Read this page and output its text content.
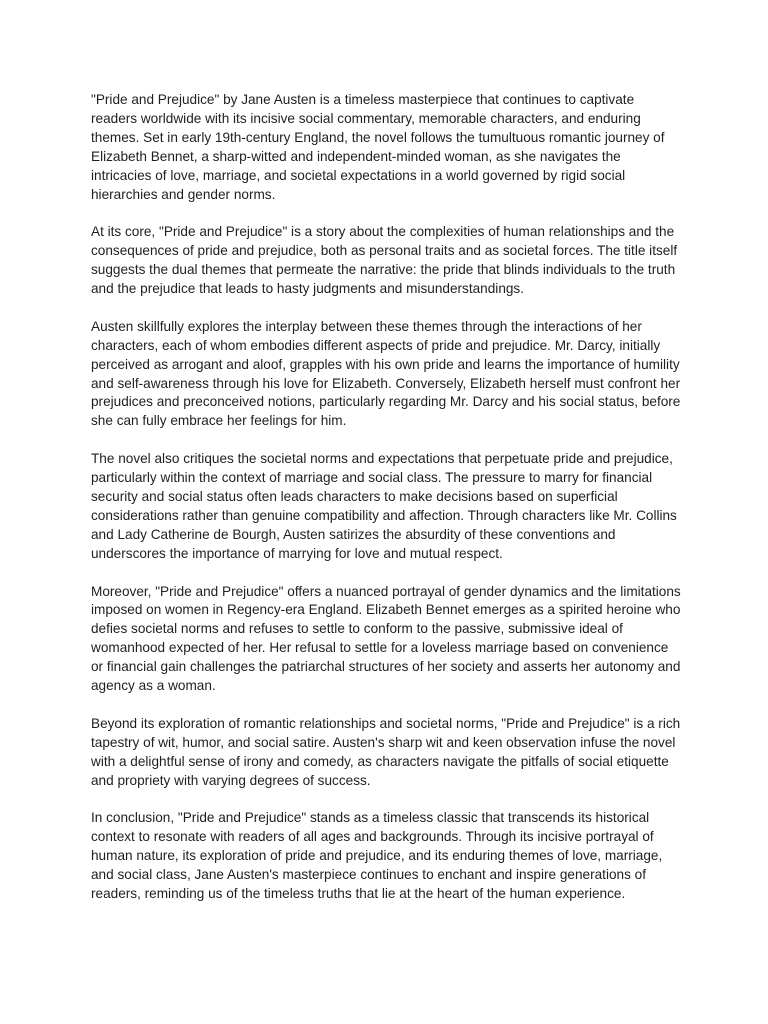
"Pride and Prejudice" by Jane Austen is a timeless masterpiece that continues to captivate readers worldwide with its incisive social commentary, memorable characters, and enduring themes. Set in early 19th-century England, the novel follows the tumultuous romantic journey of Elizabeth Bennet, a sharp-witted and independent-minded woman, as she navigates the intricacies of love, marriage, and societal expectations in a world governed by rigid social hierarchies and gender norms.

At its core, "Pride and Prejudice" is a story about the complexities of human relationships and the consequences of pride and prejudice, both as personal traits and as societal forces. The title itself suggests the dual themes that permeate the narrative: the pride that blinds individuals to the truth and the prejudice that leads to hasty judgments and misunderstandings.

Austen skillfully explores the interplay between these themes through the interactions of her characters, each of whom embodies different aspects of pride and prejudice. Mr. Darcy, initially perceived as arrogant and aloof, grapples with his own pride and learns the importance of humility and self-awareness through his love for Elizabeth. Conversely, Elizabeth herself must confront her prejudices and preconceived notions, particularly regarding Mr. Darcy and his social status, before she can fully embrace her feelings for him.

The novel also critiques the societal norms and expectations that perpetuate pride and prejudice, particularly within the context of marriage and social class. The pressure to marry for financial security and social status often leads characters to make decisions based on superficial considerations rather than genuine compatibility and affection. Through characters like Mr. Collins and Lady Catherine de Bourgh, Austen satirizes the absurdity of these conventions and underscores the importance of marrying for love and mutual respect.

Moreover, "Pride and Prejudice" offers a nuanced portrayal of gender dynamics and the limitations imposed on women in Regency-era England. Elizabeth Bennet emerges as a spirited heroine who defies societal norms and refuses to settle to conform to the passive, submissive ideal of womanhood expected of her. Her refusal to settle for a loveless marriage based on convenience or financial gain challenges the patriarchal structures of her society and asserts her autonomy and agency as a woman.

Beyond its exploration of romantic relationships and societal norms, "Pride and Prejudice" is a rich tapestry of wit, humor, and social satire. Austen's sharp wit and keen observation infuse the novel with a delightful sense of irony and comedy, as characters navigate the pitfalls of social etiquette and propriety with varying degrees of success.

In conclusion, "Pride and Prejudice" stands as a timeless classic that transcends its historical context to resonate with readers of all ages and backgrounds. Through its incisive portrayal of human nature, its exploration of pride and prejudice, and its enduring themes of love, marriage, and social class, Jane Austen's masterpiece continues to enchant and inspire generations of readers, reminding us of the timeless truths that lie at the heart of the human experience.
